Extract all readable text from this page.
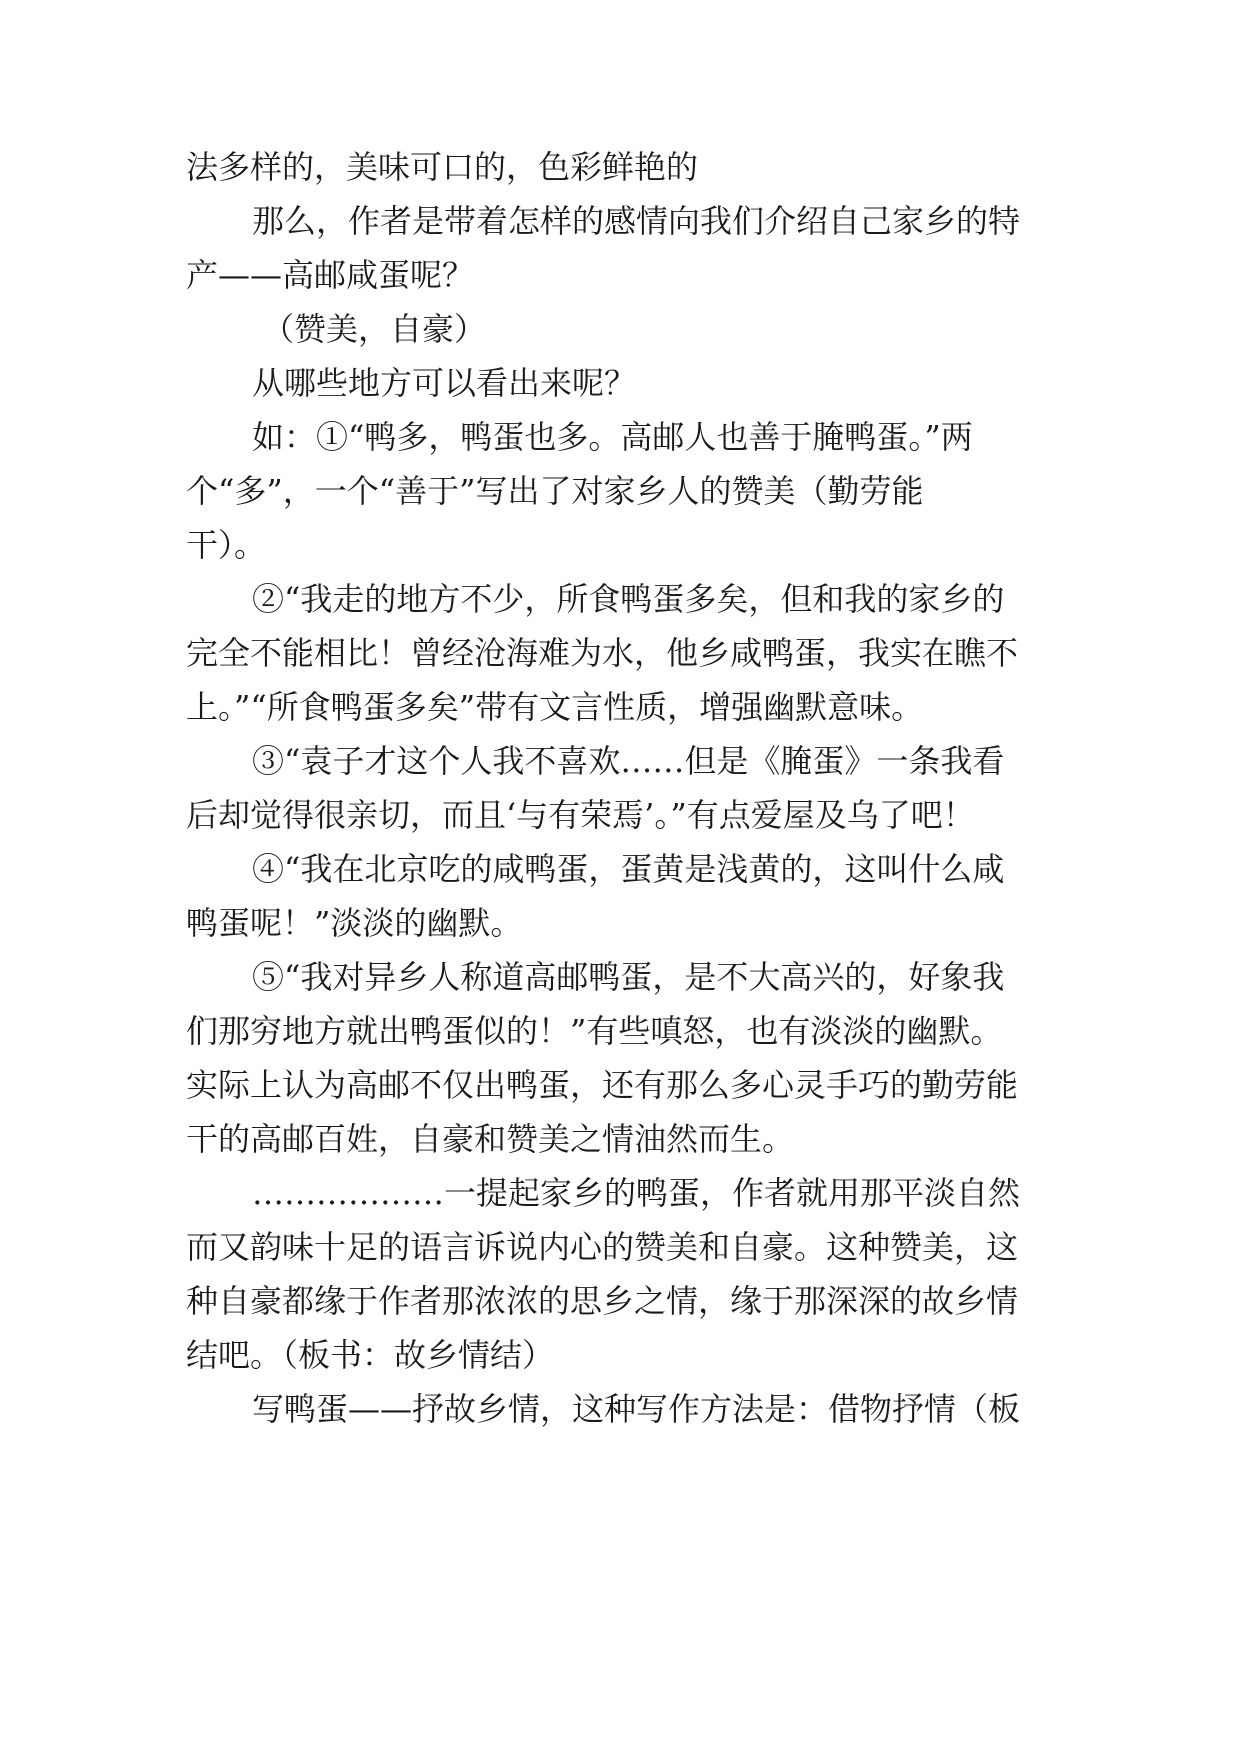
法多样的，美味可口的，色彩鲜艳的
那么，作者是带着怎样的感情向我们介绍自己家乡的特
产——高邮咸蛋呢？
（赞美，自豪）
从哪些地方可以看出来呢？
如：①“鸭多，鸭蛋也多。高邮人也善于腌鸭蛋。”两
个“多”，一个“善于”写出了对家乡人的赞美（勤劳能
干）。
②“我走的地方不少，所食鸭蛋多矣，但和我的家乡的
完全不能相比！曾经沧海难为水，他乡咸鸭蛋，我实在瞧不
上。”“所食鸭蛋多矣”带有文言性质，增强幽默意味。
③“袁子才这个人我不喜欢……但是《腌蛋》一条我看
后却觉得很亲切，而且‘与有荣焉’。”有点爱屋及乌了吧！
④“我在北京吃的咸鸭蛋，蛋黄是浅黄的，这叫什么咸
鸭蛋呢！”淡淡的幽默。
⑤“我对异乡人称道高邮鸭蛋，是不大高兴的，好象我
们那穷地方就出鸭蛋似的！”有些嗔怒，也有淡淡的幽默。
实际上认为高邮不仅出鸭蛋，还有那么多心灵手巧的勤劳能
干的高邮百姓，自豪和赞美之情油然而生。
………………一提起家乡的鸭蛋，作者就用那平淡自然
而又韵味十足的语言诉说内心的赞美和自豪。这种赞美，这
种自豪都缘于作者那浓浓的思乡之情，缘于那深深的故乡情
结吧。（板书：故乡情结）
写鸭蛋——抒故乡情，这种写作方法是：借物抒情（板
